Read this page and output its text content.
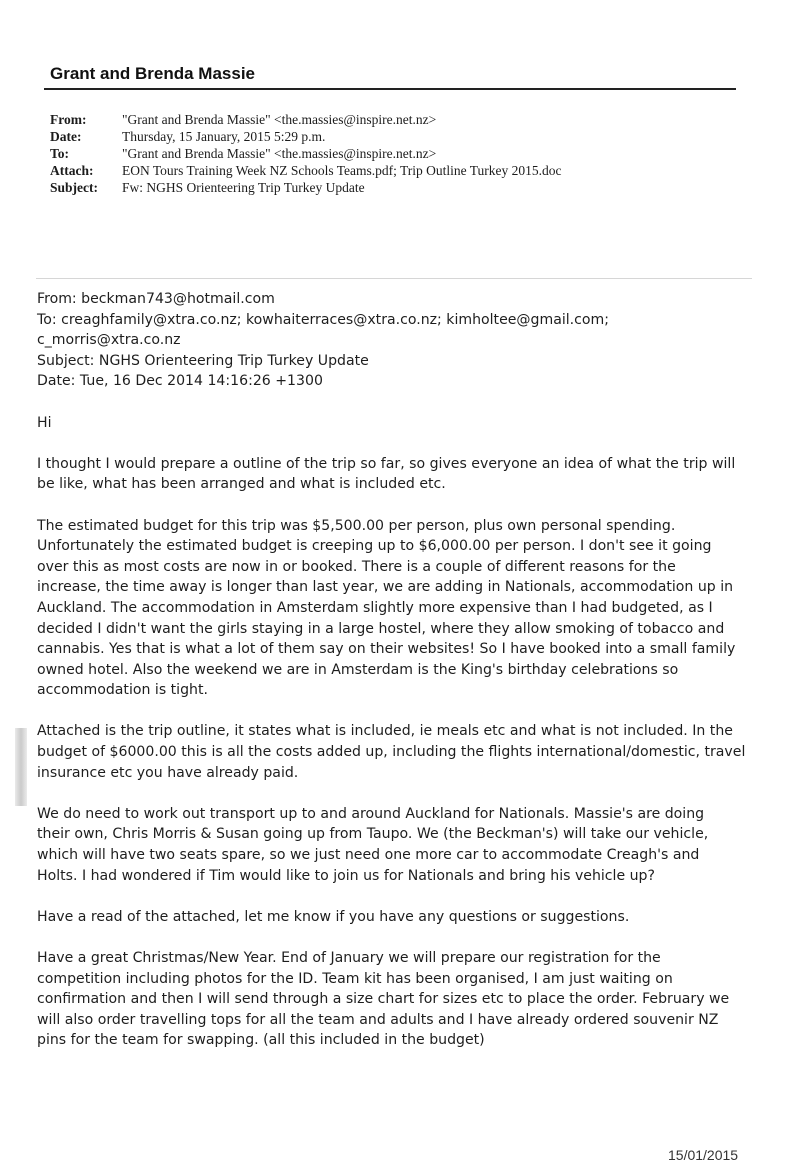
Grant and Brenda Massie
From:	"Grant and Brenda Massie" <the.massies@inspire.net.nz>
Date:	Thursday, 15 January, 2015 5:29 p.m.
To:	"Grant and Brenda Massie" <the.massies@inspire.net.nz>
Attach:	EON Tours Training Week NZ Schools Teams.pdf; Trip Outline Turkey 2015.doc
Subject:	Fw: NGHS Orienteering Trip Turkey Update
From: beckman743@hotmail.com
To: creaghfamily@xtra.co.nz; kowhaiterraces@xtra.co.nz; kimholtee@gmail.com;
c_morris@xtra.co.nz
Subject: NGHS Orienteering Trip Turkey Update
Date: Tue, 16 Dec 2014 14:16:26 +1300
Hi
I thought I would prepare a outline of the trip so far, so gives everyone an idea of what the trip will
be like, what has been arranged and what is included etc.
The estimated budget for this trip was $5,500.00 per person, plus own personal spending.
Unfortunately the estimated budget is creeping up to $6,000.00 per person. I don't see it going
over this as most costs are now in or booked. There is a couple of different reasons for the
increase, the time away is longer than last year, we are adding in Nationals, accommodation up in
Auckland. The accommodation in Amsterdam slightly more expensive than I had budgeted, as I
decided I didn't want the girls staying in a large hostel, where they allow smoking of tobacco and
cannabis. Yes that is what a lot of them say on their websites! So I have booked into a small family
owned hotel. Also the weekend we are in Amsterdam is the King's birthday celebrations so
accommodation is tight.
Attached is the trip outline, it states what is included, ie meals etc and what is not included. In the
budget of $6000.00 this is all the costs added up, including the flights international/domestic, travel
insurance etc you have already paid.
We do need to work out transport up to and around Auckland for Nationals. Massie's are doing
their own, Chris Morris & Susan going up from Taupo. We (the Beckman's) will take our vehicle,
which will have two seats spare, so we just need one more car to accommodate Creagh's and
Holts. I had wondered if Tim would like to join us for Nationals and bring his vehicle up?
Have a read of the attached, let me know if you have any questions or suggestions.
Have a great Christmas/New Year. End of January we will prepare our registration for the
competition including photos for the ID. Team kit has been organised, I am just waiting on
confirmation and then I will send through a size chart for sizes etc to place the order. February we
will also order travelling tops for all the team and adults and I have already ordered souvenir NZ
pins for the team for swapping. (all this included in the budget)
15/01/2015
